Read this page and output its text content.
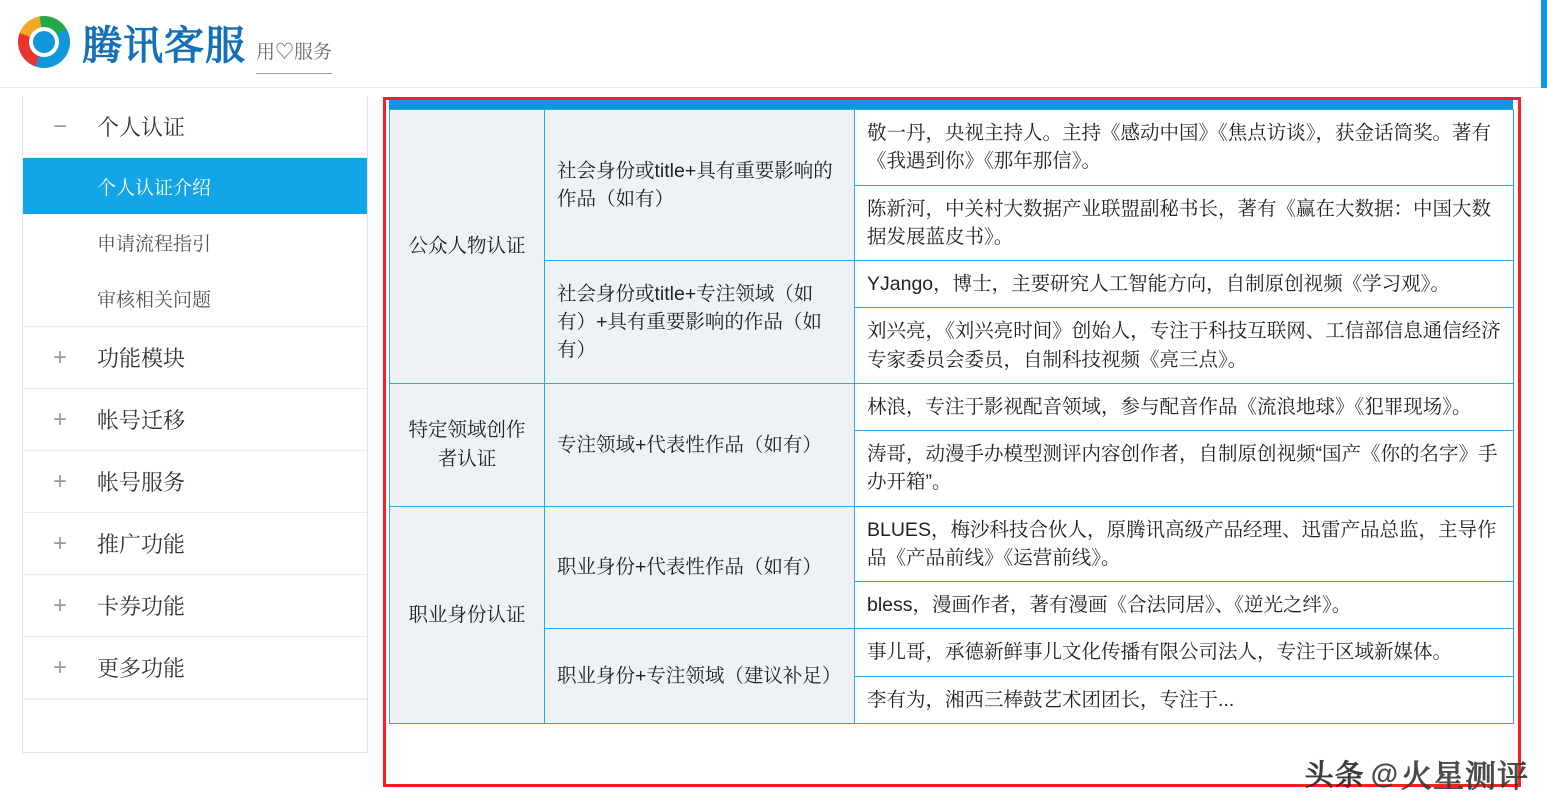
腾讯客服 用♡服务
−	个人认证
个人认证介绍
申请流程指引
审核相关问题
+	功能模块
+	帐号迁移
+	帐号服务
+	推广功能
+	卡券功能
+	更多功能
公众人物认证	社会身份或title+具有重要影响的作品（如有）	敬一丹，央视主持人。主持《感动中国》《焦点访谈》，获金话筒奖。著有《我遇到你》《那年那信》。
		陈新河，中关村大数据产业联盟副秘书长，著有《赢在大数据：中国大数据发展蓝皮书》。
	社会身份或title+专注领域（如有）+具有重要影响的作品（如有）	YJango，博士，主要研究人工智能方向，自制原创视频《学习观》。
		刘兴亮，《刘兴亮时间》创始人，专注于科技互联网、工信部信息通信经济专家委员会委员，自制科技视频《亮三点》。
特定领域创作者认证	专注领域+代表性作品（如有）	林浪，专注于影视配音领域，参与配音作品《流浪地球》《犯罪现场》。
		涛哥，动漫手办模型测评内容创作者，自制原创视频“国产《你的名字》手办开箱”。
职业身份认证	职业身份+代表性作品（如有）	BLUES，梅沙科技合伙人，原腾讯高级产品经理、迅雷产品总监，主导作品《产品前线》《运营前线》。
		bless，漫画作者，著有漫画《合法同居》、《逆光之绊》。
	职业身份+专注领域（建议补足）	事儿哥，承德新鲜事儿文化传播有限公司法人，专注于区域新媒体。
		李有为，湘西三棒鼓艺术团团长，专注于...
头条 @ 火星测评
